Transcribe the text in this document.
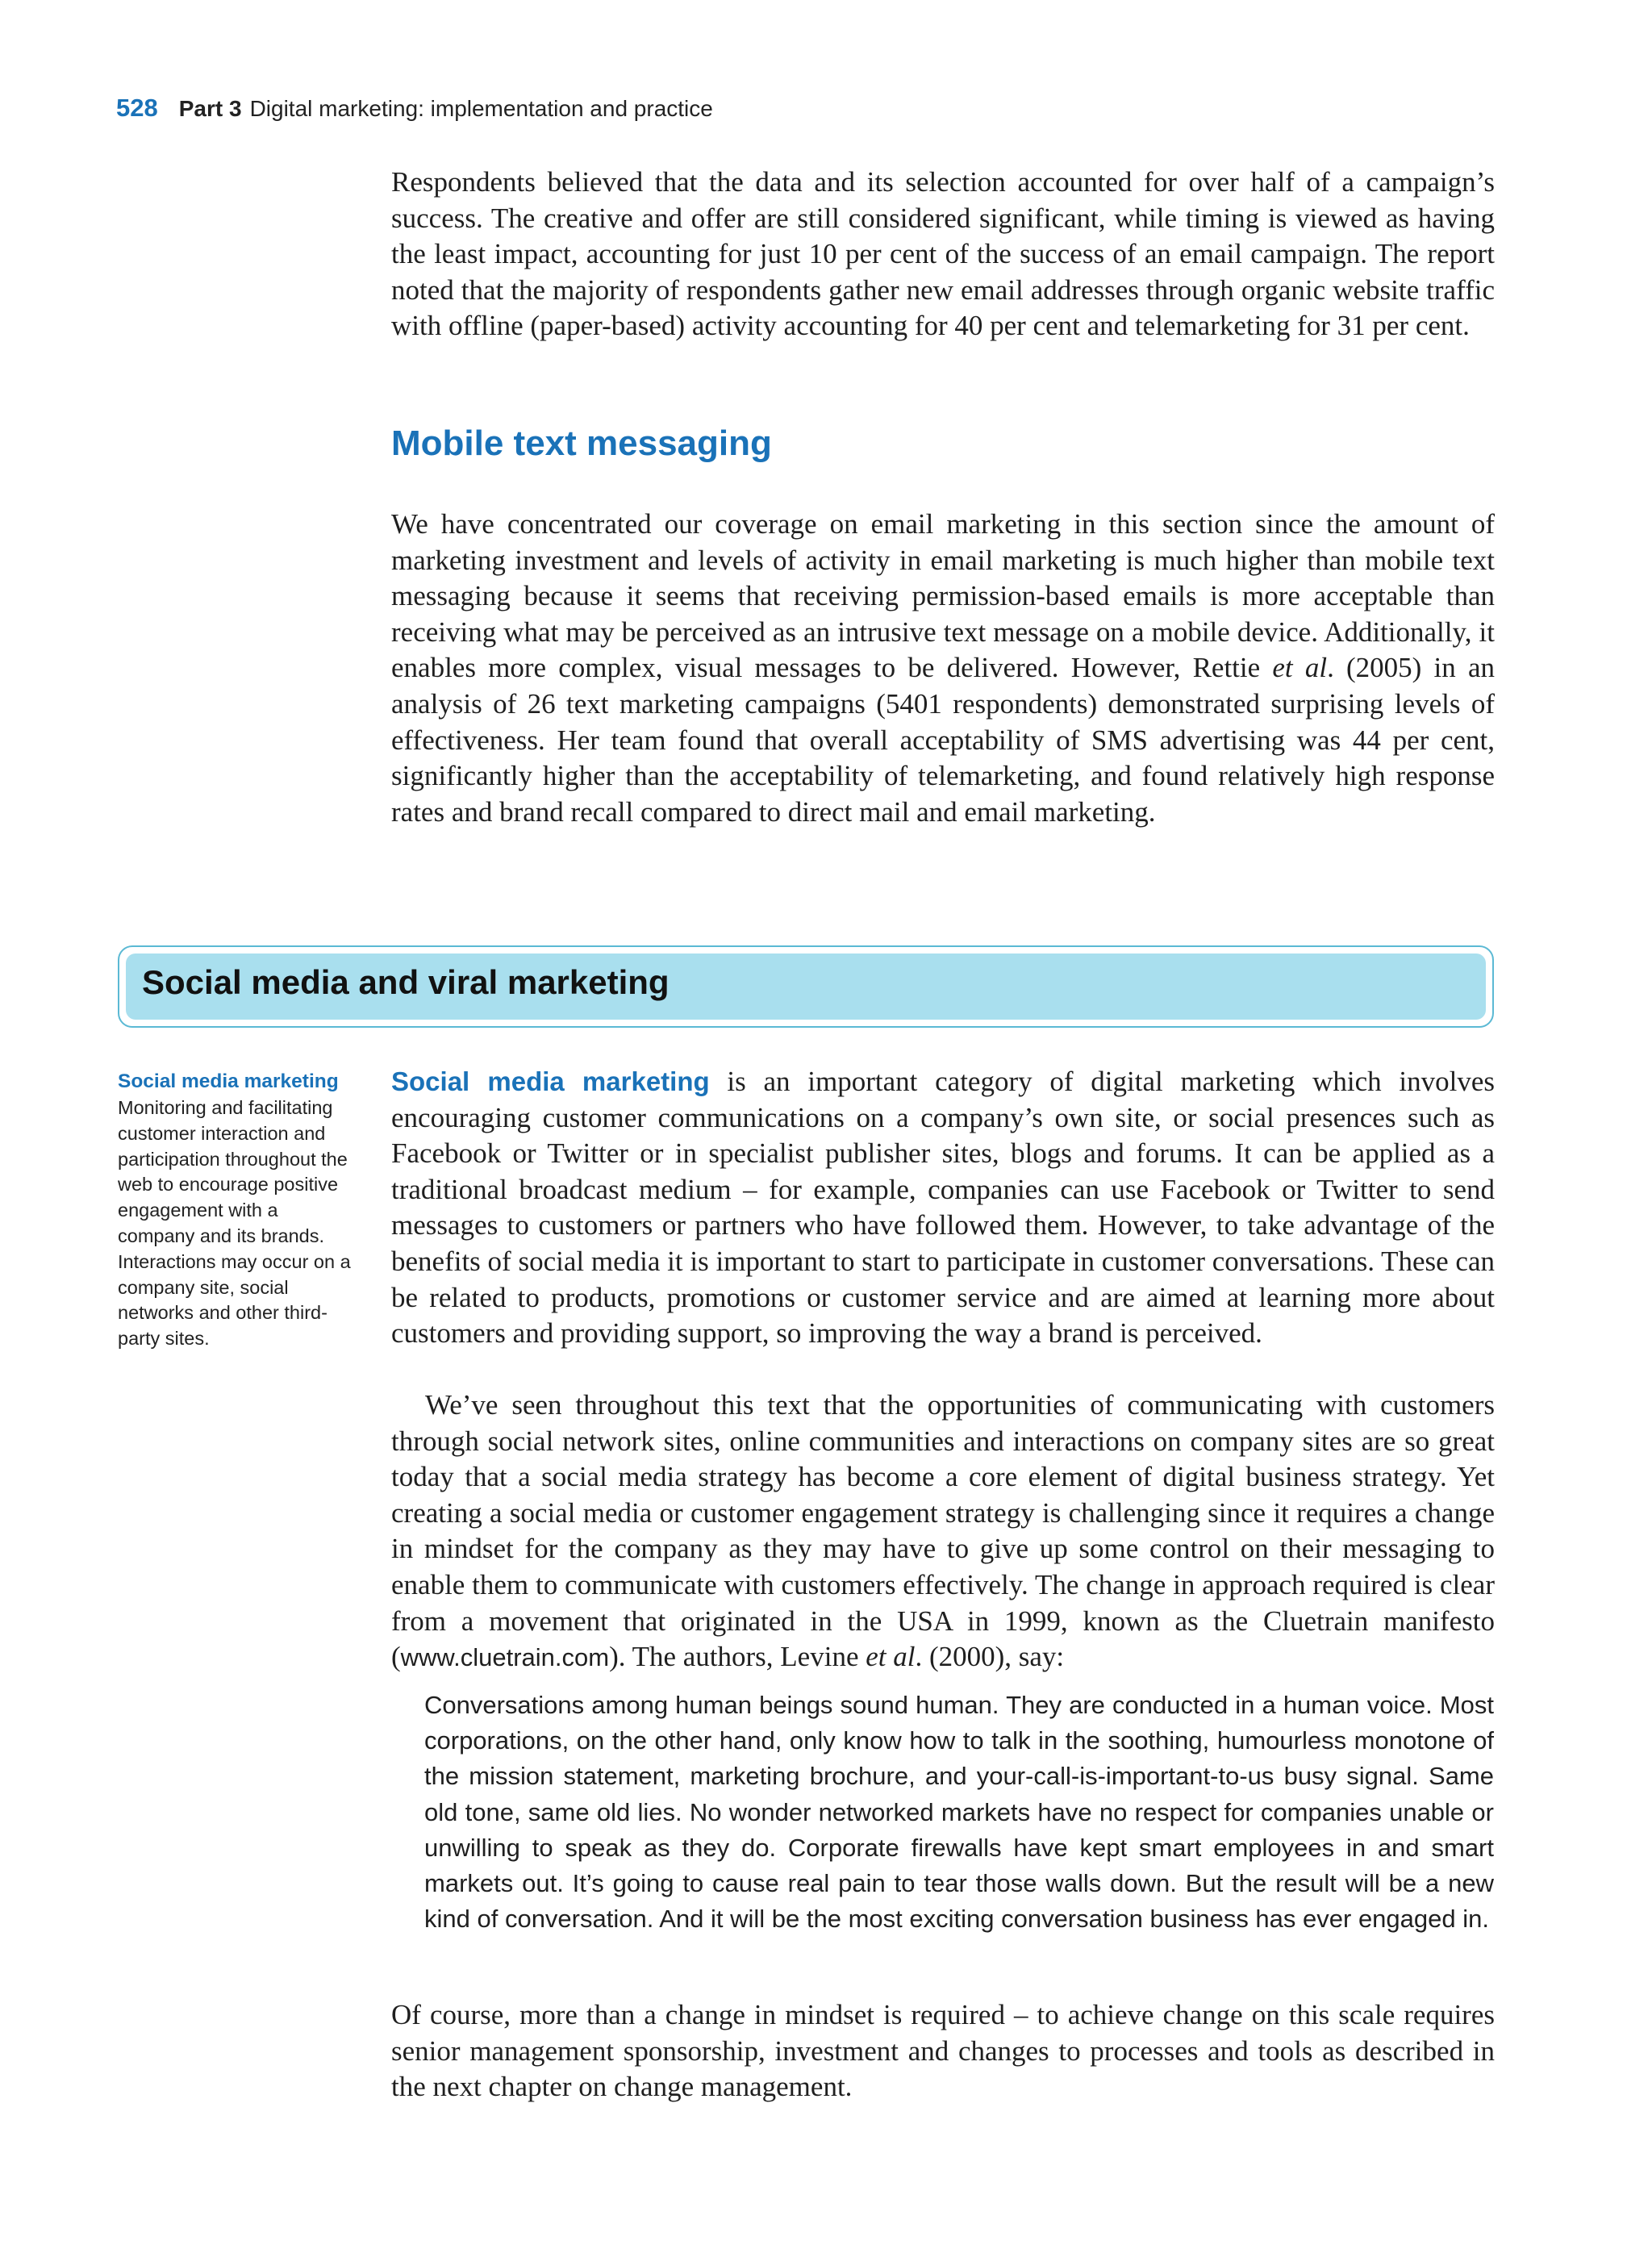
528 Part 3 Digital marketing: implementation and practice

Respondents believed that the data and its selection accounted for over half of a campaign’s success. The creative and offer are still considered significant, while timing is viewed as having the least impact, accounting for just 10 per cent of the success of an email campaign. The report noted that the majority of respondents gather new email addresses through organic website traffic with offline (paper-based) activity accounting for 40 per cent and telemarketing for 31 per cent.

Mobile text messaging

We have concentrated our coverage on email marketing in this section since the amount of marketing investment and levels of activity in email marketing is much higher than mobile text messaging because it seems that receiving permission-based emails is more acceptable than receiving what may be perceived as an intrusive text message on a mobile device. Additionally, it enables more complex, visual messages to be delivered. However, Rettie et al. (2005) in an analysis of 26 text marketing campaigns (5401 respondents) demonstrated surprising levels of effectiveness. Her team found that overall acceptability of SMS advertising was 44 per cent, significantly higher than the acceptability of telemarketing, and found relatively high response rates and brand recall compared to direct mail and email marketing.

Social media and viral marketing
Social media marketing
Monitoring and facilitating customer interaction and participation throughout the web to encourage positive engagement with a company and its brands. Interactions may occur on a company site, social networks and other third-party sites.

Social media marketing is an important category of digital marketing which involves encouraging customer communications on a company’s own site, or social presences such as Facebook or Twitter or in specialist publisher sites, blogs and forums. It can be applied as a traditional broadcast medium – for example, companies can use Facebook or Twitter to send messages to customers or partners who have followed them. However, to take advantage of the benefits of social media it is important to start to participate in customer conversations. These can be related to products, promotions or customer service and are aimed at learning more about customers and providing support, so improving the way a brand is perceived.

We’ve seen throughout this text that the opportunities of communicating with customers through social network sites, online communities and interactions on company sites are so great today that a social media strategy has become a core element of digital business strategy. Yet creating a social media or customer engagement strategy is challenging since it requires a change in mindset for the company as they may have to give up some control on their messaging to enable them to communicate with customers effectively. The change in approach required is clear from a movement that originated in the USA in 1999, known as the Cluetrain manifesto (www.cluetrain.com). The authors, Levine et al. (2000), say:

Conversations among human beings sound human. They are conducted in a human voice. Most corporations, on the other hand, only know how to talk in the soothing, humourless monotone of the mission statement, marketing brochure, and your-call-is-important-to-us busy signal. Same old tone, same old lies. No wonder networked markets have no respect for companies unable or unwilling to speak as they do. Corporate firewalls have kept smart employees in and smart markets out. It’s going to cause real pain to tear those walls down. But the result will be a new kind of conversation. And it will be the most exciting conversation business has ever engaged in.

Of course, more than a change in mindset is required – to achieve change on this scale requires senior management sponsorship, investment and changes to processes and tools as described in the next chapter on change management.
